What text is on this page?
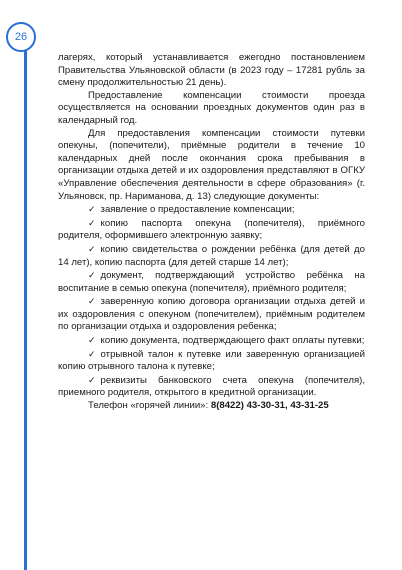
26

лагерях, который устанавливается ежегодно постановлением Правительства Ульяновской области (в 2023 году – 17281 рубль за смену продолжительностью 21 день).

Предоставление компенсации стоимости проезда осуществляется на основании проездных документов один раз в календарный год.

Для предоставления компенсации стоимости путевки опекуны, (попечители), приёмные родители в течение 10 календарных дней после окончания срока пребывания в организации отдыха детей и их оздоровления представляют в ОГКУ «Управление обеспечения деятельности в сфере образования» (г. Ульяновск, пр. Нариманова, д. 13) следующие документы:

✓ заявление о предоставление компенсации;

✓ копию паспорта опекуна (попечителя), приёмного родителя, оформившего электронную заявку;

✓ копию свидетельства о рождении ребёнка (для детей до 14 лет), копию паспорта (для детей старше 14 лет);

✓ документ, подтверждающий устройство ребёнка на воспитание в семью опекуна (попечителя), приёмного родителя;

✓ заверенную копию договора организации отдыха детей и их оздоровления с опекуном (попечителем), приёмным родителем по организации отдыха и оздоровления ребенка;

✓ копию документа, подтверждающего факт оплаты путевки;

✓ отрывной талон к путевке или заверенную организацией копию отрывного талона к путевке;

✓ реквизиты банковского счета опекуна (попечителя), приемного родителя, открытого в кредитной организации.

Телефон «горячей линии»: 8(8422) 43-30-31, 43-31-25
